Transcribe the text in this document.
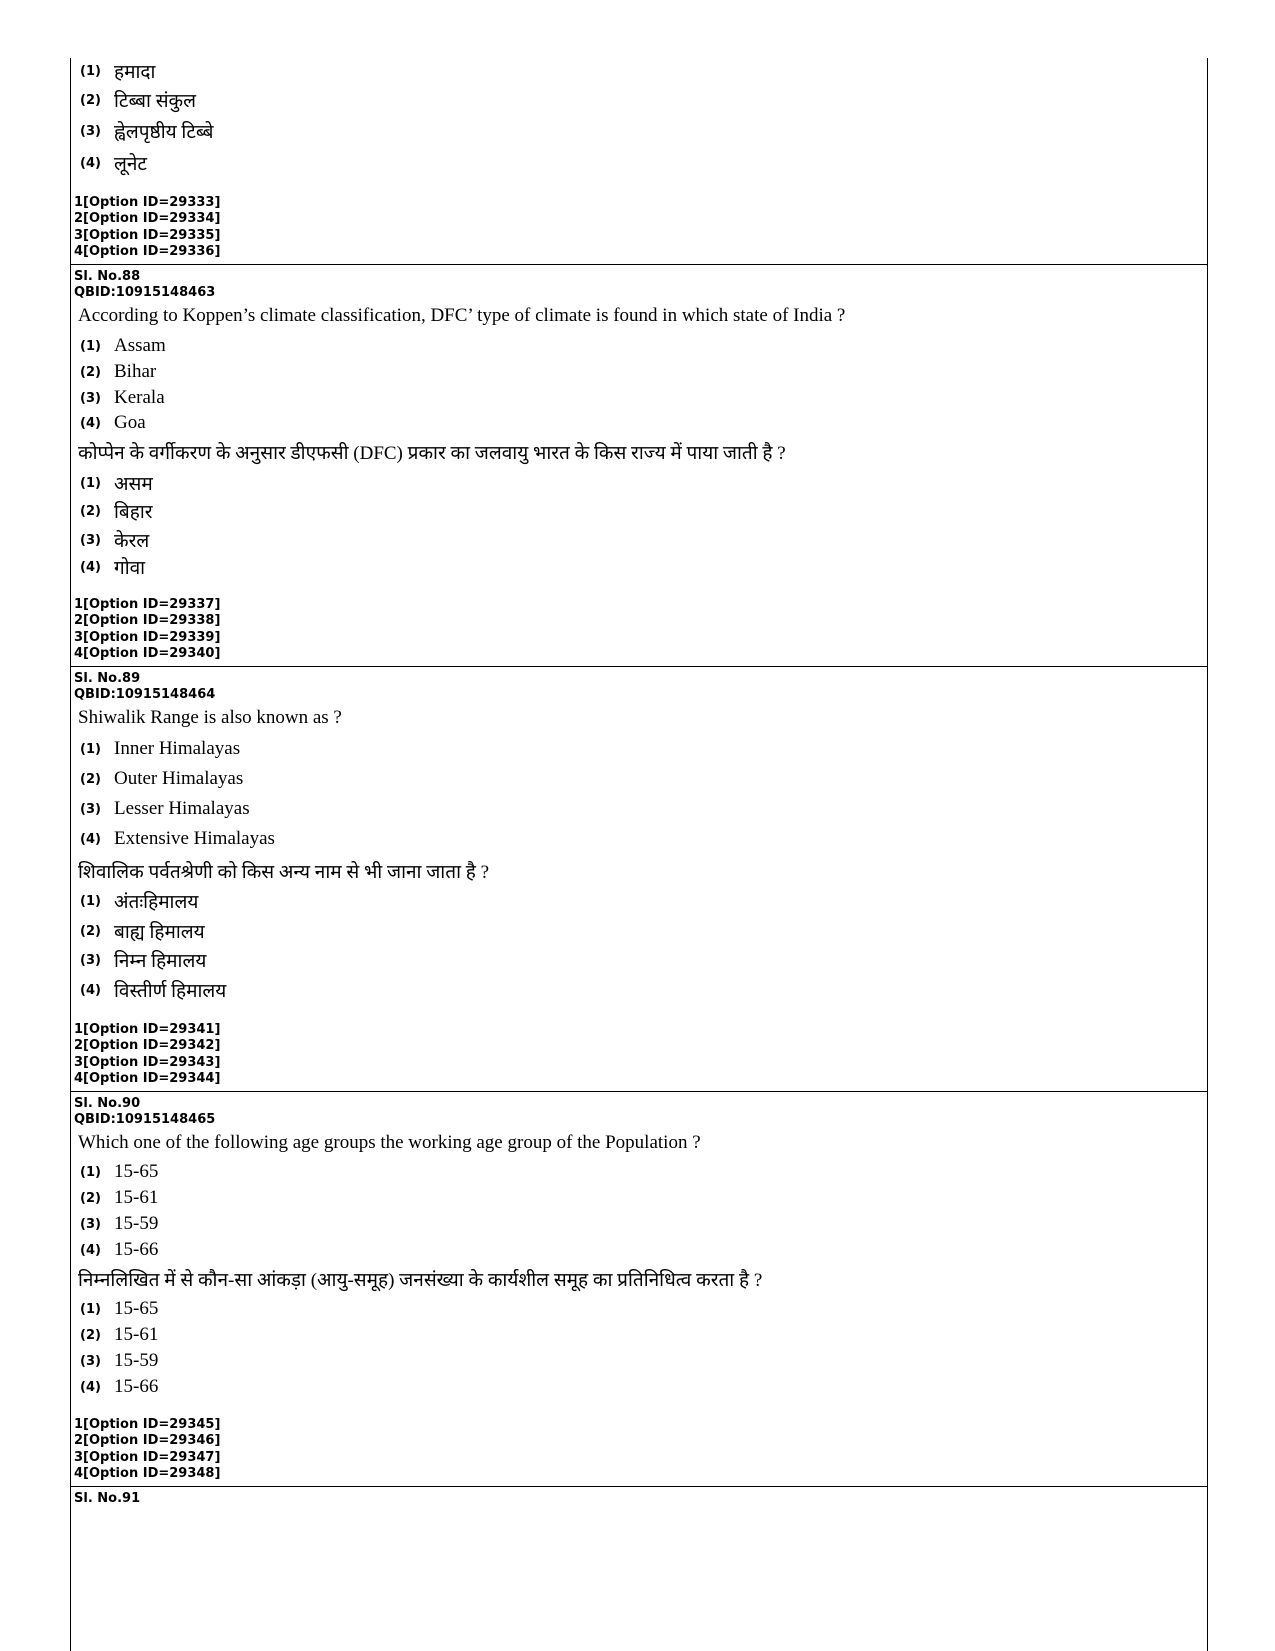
(1) हमादा
(2) टिब्बा संकुल
(3) ह्वेलपृष्ठीय टिब्बे
(4) लूनेट
1[Option ID=29333]
2[Option ID=29334]
3[Option ID=29335]
4[Option ID=29336]
Sl. No.88
QBID:10915148463
According to Koppen’s climate classification, DFC’ type of climate is found in which state of India ?
(1) Assam
(2) Bihar
(3) Kerala
(4) Goa
कोप्पेन के वर्गीकरण के अनुसार डीएफसी (DFC) प्रकार का जलवायु भारत के किस राज्य में पाया जाती है ?
(1) असम
(2) बिहार
(3) केरल
(4) गोवा
1[Option ID=29337]
2[Option ID=29338]
3[Option ID=29339]
4[Option ID=29340]
Sl. No.89
QBID:10915148464
Shiwalik Range is also known as ?
(1) Inner Himalayas
(2) Outer Himalayas
(3) Lesser Himalayas
(4) Extensive Himalayas
शिवालिक पर्वतश्रेणी को किस अन्य नाम से भी जाना जाता है ?
(1) अंतःहिमालय
(2) बाह्य हिमालय
(3) निम्न हिमालय
(4) विस्तीर्ण हिमालय
1[Option ID=29341]
2[Option ID=29342]
3[Option ID=29343]
4[Option ID=29344]
Sl. No.90
QBID:10915148465
Which one of the following age groups the working age group of the Population ?
(1) 15-65
(2) 15-61
(3) 15-59
(4) 15-66
निम्नलिखित में से कौन-सा आंकड़ा (आयु-समूह) जनसंख्या के कार्यशील समूह का प्रतिनिधित्व करता है ?
(1) 15-65
(2) 15-61
(3) 15-59
(4) 15-66
1[Option ID=29345]
2[Option ID=29346]
3[Option ID=29347]
4[Option ID=29348]
Sl. No.91
